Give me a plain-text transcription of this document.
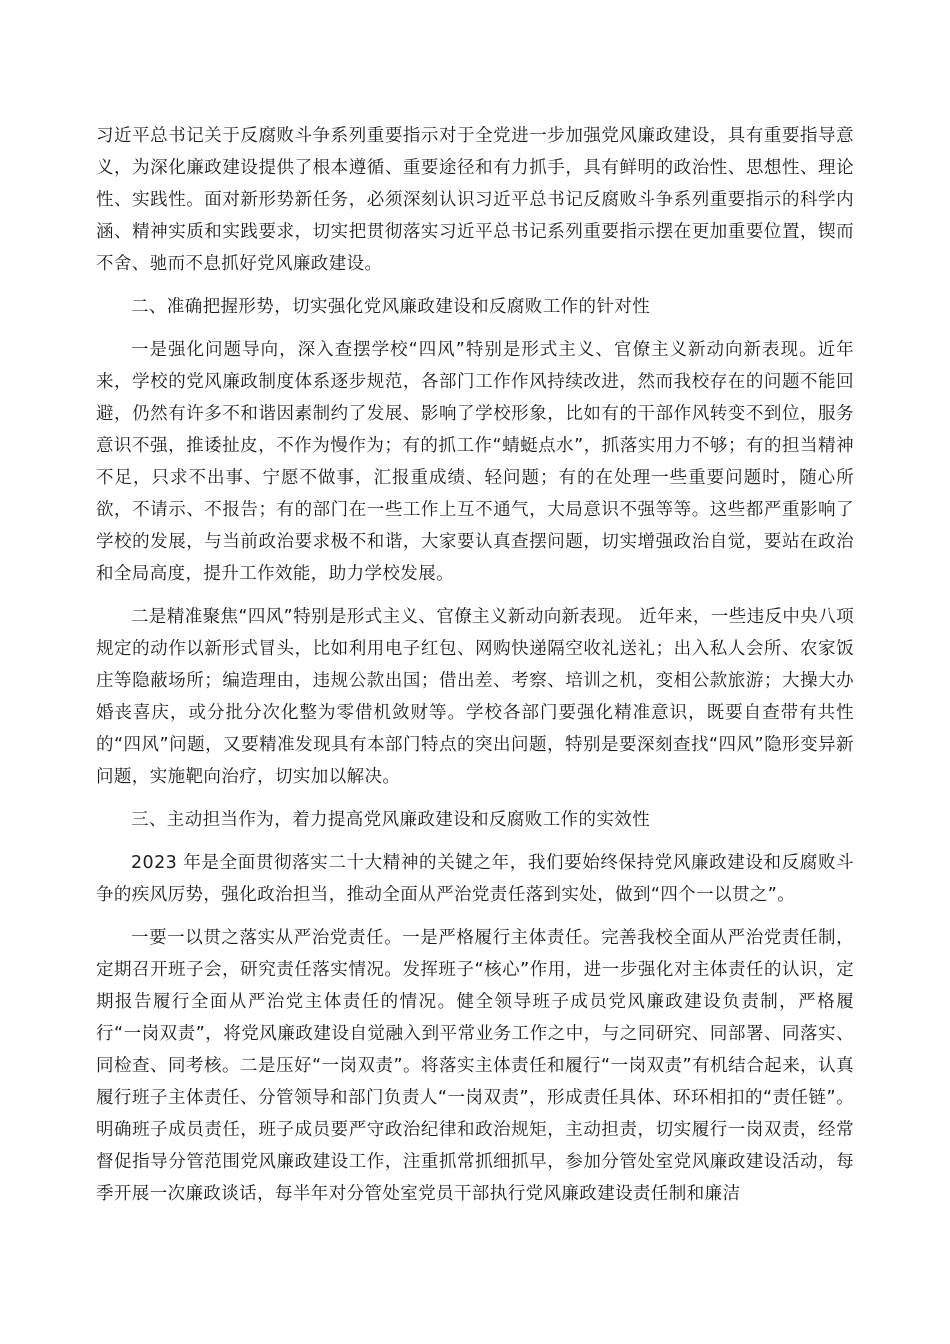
习近平总书记关于反腐败斗争系列重要指示对于全党进一步加强党风廉政建设，具有重要指导意义，为深化廉政建设提供了根本遵循、重要途径和有力抓手，具有鲜明的政治性、思想性、理论性、实践性。面对新形势新任务，必须深刻认识习近平总书记反腐败斗争系列重要指示的科学内涵、精神实质和实践要求，切实把贯彻落实习近平总书记系列重要指示摆在更加重要位置，锲而不舍、驰而不息抓好党风廉政建设。

二、准确把握形势，切实强化党风廉政建设和反腐败工作的针对性

一是强化问题导向，深入查摆学校“四风”特别是形式主义、官僚主义新动向新表现。近年来，学校的党风廉政制度体系逐步规范，各部门工作作风持续改进，然而我校存在的问题不能回避，仍然有许多不和谐因素制约了发展、影响了学校形象，比如有的干部作风转变不到位，服务意识不强，推诿扯皮，不作为慢作为；有的抓工作“蜻蜓点水”，抓落实用力不够；有的担当精神不足，只求不出事、宁愿不做事，汇报重成绩、轻问题；有的在处理一些重要问题时，随心所欲，不请示、不报告；有的部门在一些工作上互不通气，大局意识不强等等。这些都严重影响了学校的发展，与当前政治要求极不和谐，大家要认真查摆问题，切实增强政治自觉，要站在政治和全局高度，提升工作效能，助力学校发展。

二是精准聚焦“四风”特别是形式主义、官僚主义新动向新表现。 近年来，一些违反中央八项规定的动作以新形式冒头，比如利用电子红包、网购快递隔空收礼送礼；出入私人会所、农家饭庄等隐蔽场所；编造理由，违规公款出国；借出差、考察、培训之机，变相公款旅游；大操大办婚丧喜庆，或分批分次化整为零借机敛财等。学校各部门要强化精准意识，既要自查带有共性的“四风”问题，又要精准发现具有本部门特点的突出问题，特别是要深刻查找“四风”隐形变异新问题，实施靶向治疗，切实加以解决。

三、主动担当作为，着力提高党风廉政建设和反腐败工作的实效性

2023 年是全面贯彻落实二十大精神的关键之年，我们要始终保持党风廉政建设和反腐败斗争的疾风厉势，强化政治担当，推动全面从严治党责任落到实处，做到“四个一以贯之”。

一要一以贯之落实从严治党责任。一是严格履行主体责任。完善我校全面从严治党责任制，定期召开班子会，研究责任落实情况。发挥班子“核心”作用，进一步强化对主体责任的认识，定期报告履行全面从严治党主体责任的情况。健全领导班子成员党风廉政建设负责制，严格履行“一岗双责”，将党风廉政建设自觉融入到平常业务工作之中，与之同研究、同部署、同落实、同检查、同考核。二是压好“一岗双责”。将落实主体责任和履行“一岗双责”有机结合起来，认真履行班子主体责任、分管领导和部门负责人“一岗双责”，形成责任具体、环环相扣的“责任链”。明确班子成员责任，班子成员要严守政治纪律和政治规矩，主动担责，切实履行一岗双责，经常督促指导分管范围党风廉政建设工作，注重抓常抓细抓早，参加分管处室党风廉政建设活动，每季开展一次廉政谈话，每半年对分管处室党员干部执行党风廉政建设责任制和廉洁
